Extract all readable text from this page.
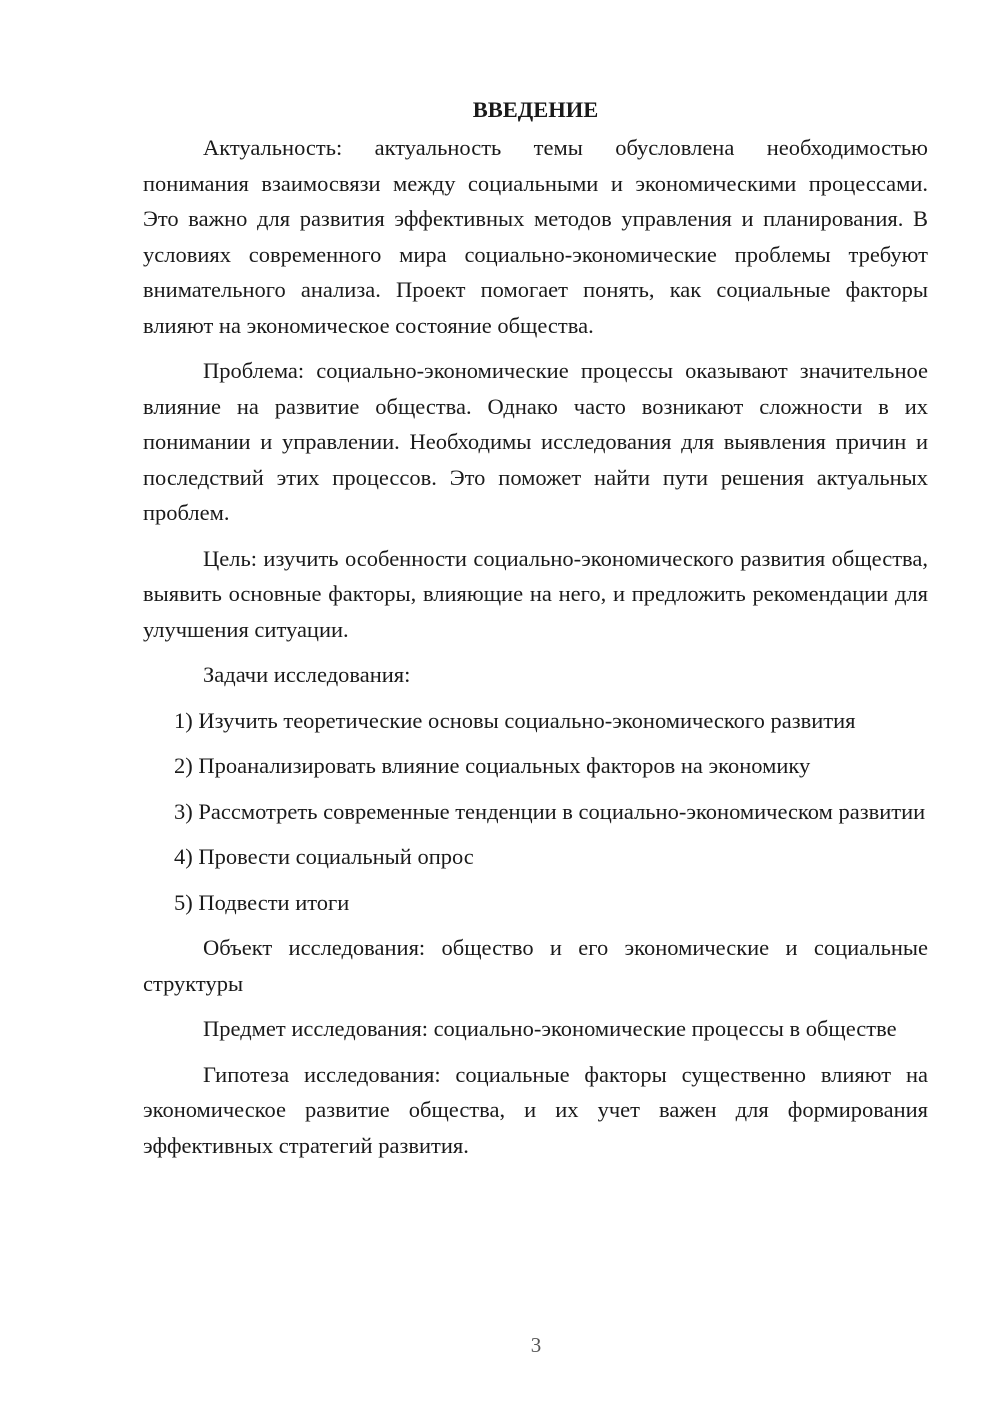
ВВЕДЕНИЕ

Актуальность: актуальность темы обусловлена необходимостью понимания взаимосвязи между социальными и экономическими процессами. Это важно для развития эффективных методов управления и планирования. В условиях современного мира социально-экономические проблемы требуют внимательного анализа. Проект помогает понять, как социальные факторы влияют на экономическое состояние общества.

Проблема: социально-экономические процессы оказывают значительное влияние на развитие общества. Однако часто возникают сложности в их понимании и управлении. Необходимы исследования для выявления причин и последствий этих процессов. Это поможет найти пути решения актуальных проблем.

Цель: изучить особенности социально-экономического развития общества, выявить основные факторы, влияющие на него, и предложить рекомендации для улучшения ситуации.

Задачи исследования:

1) Изучить теоретические основы социально-экономического развития

2) Проанализировать влияние социальных факторов на экономику

3) Рассмотреть современные тенденции в социально-экономическом развитии

4) Провести социальный опрос

5) Подвести итоги

Объект исследования: общество и его экономические и социальные структуры

Предмет исследования: социально-экономические процессы в обществе

Гипотеза исследования: социальные факторы существенно влияют на экономическое развитие общества, и их учет важен для формирования эффективных стратегий развития.

3
